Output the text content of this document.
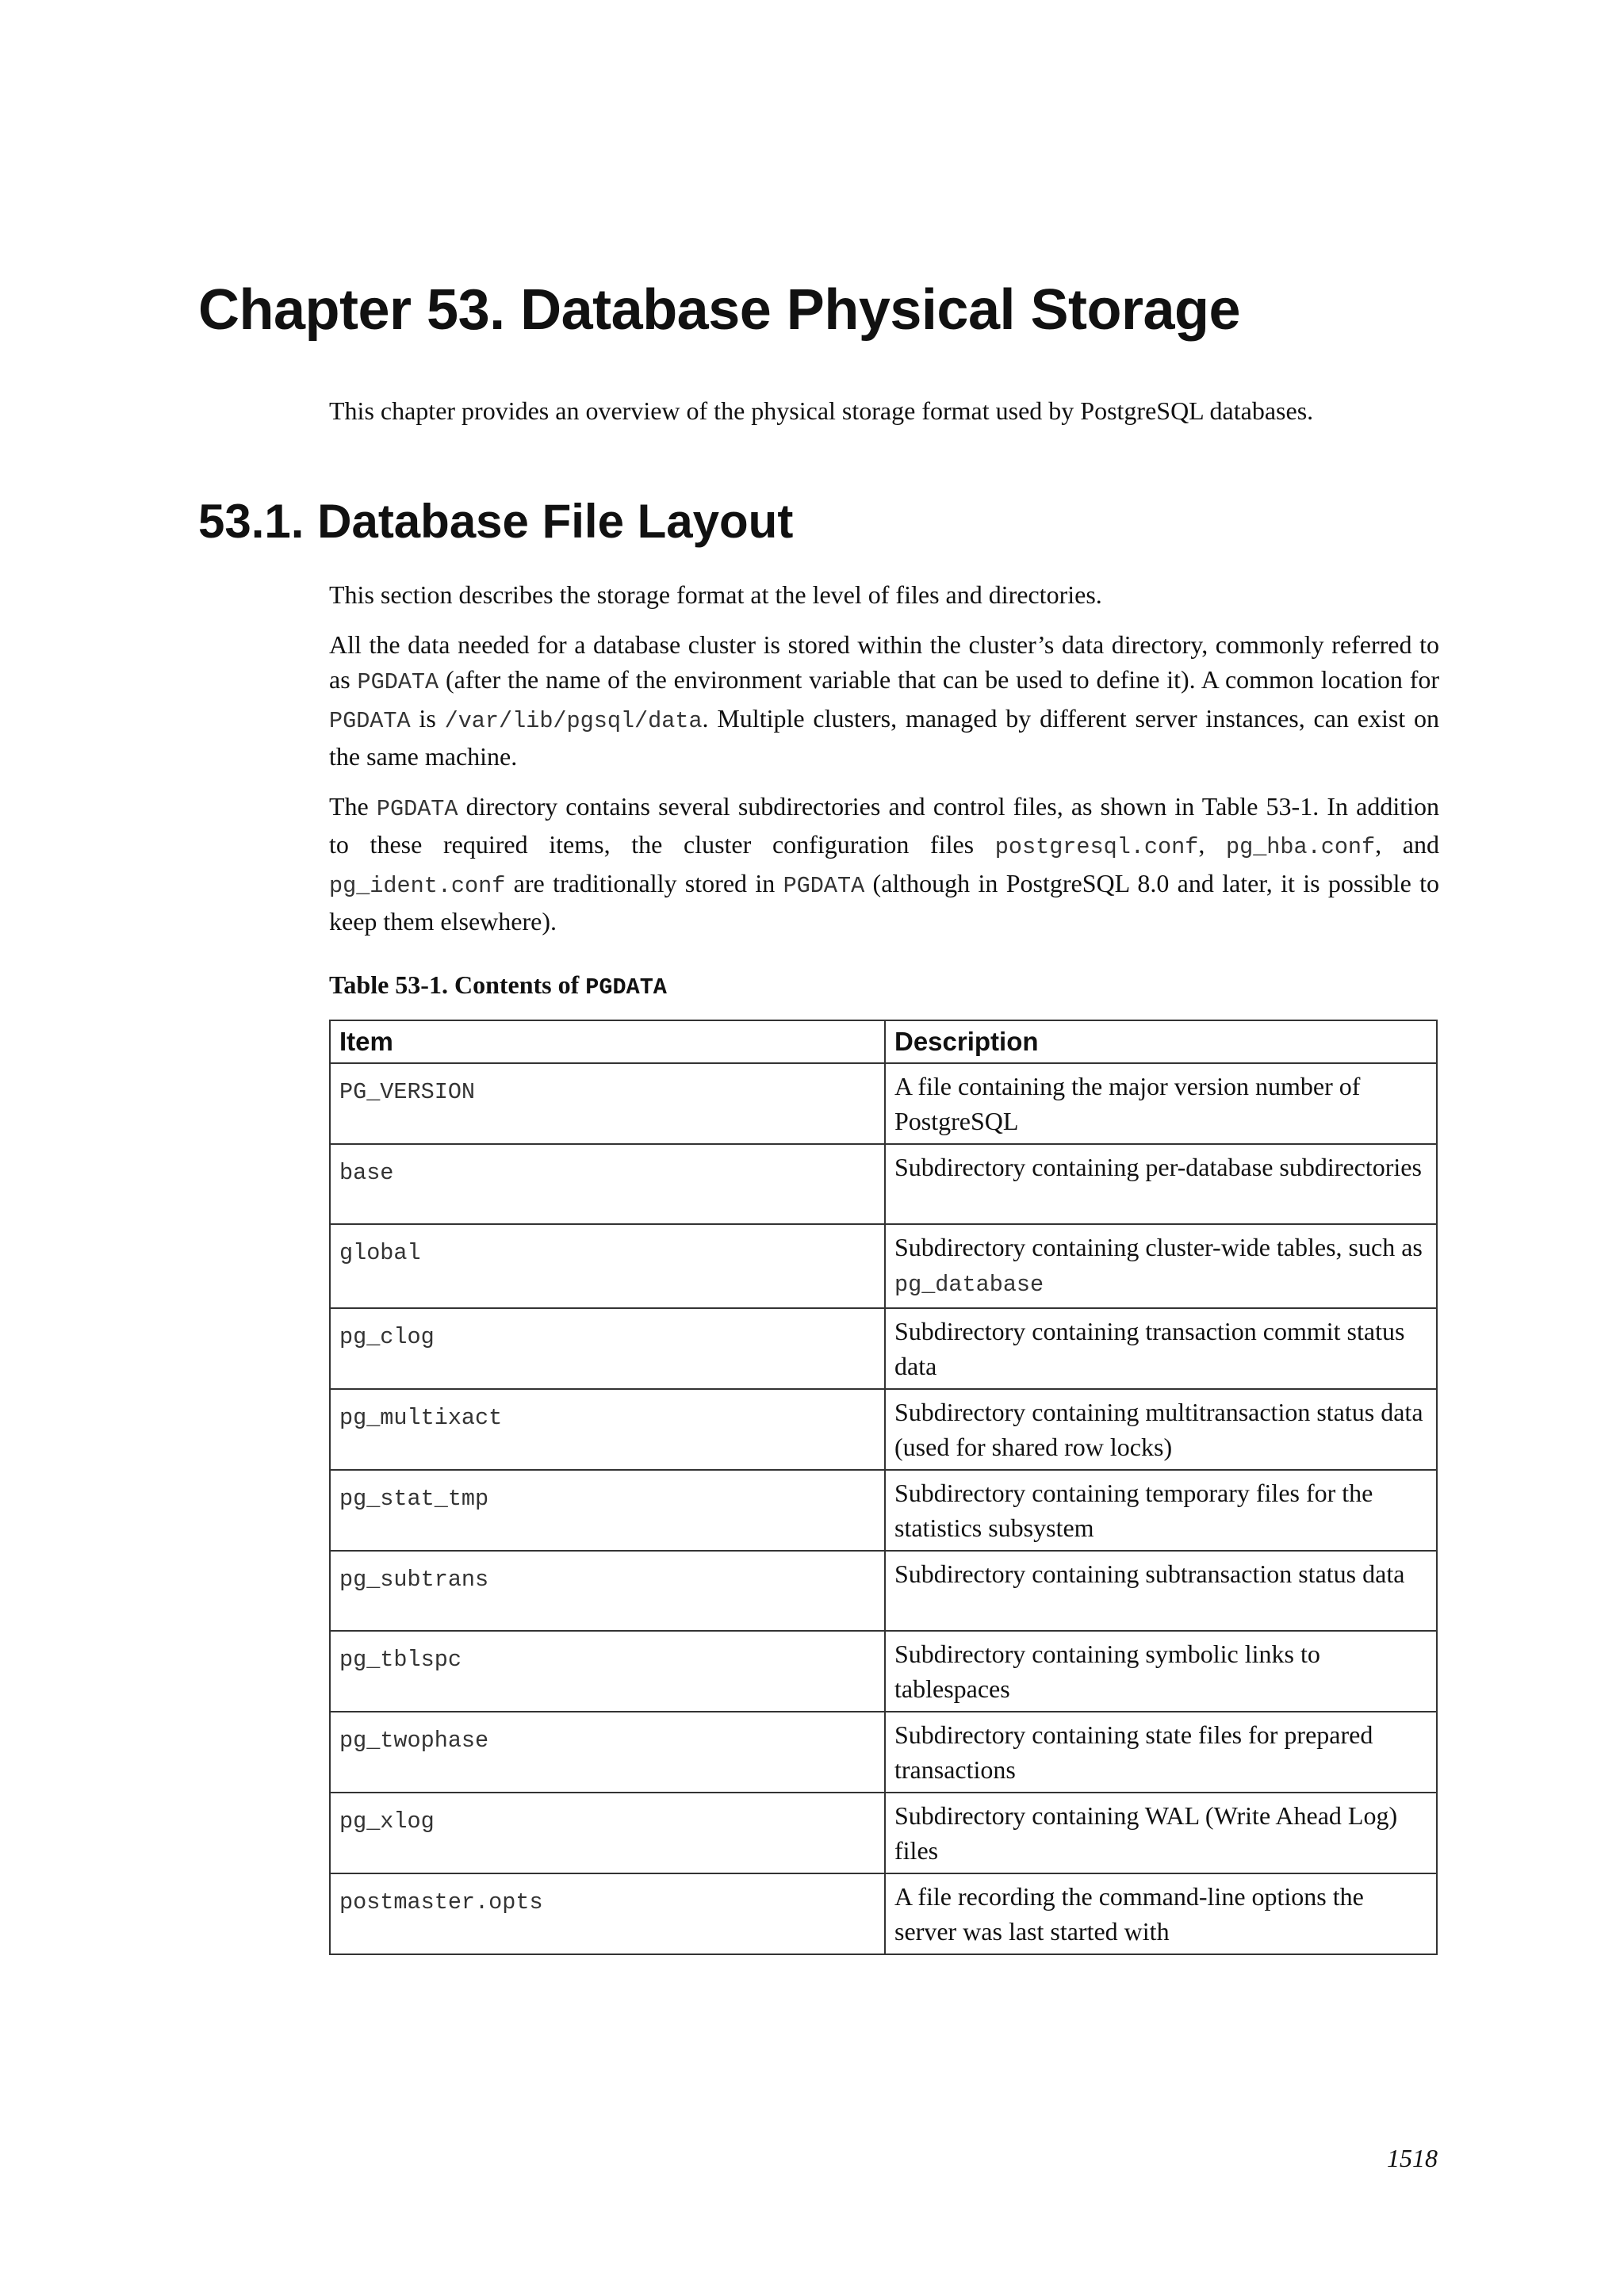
Chapter 53. Database Physical Storage

This chapter provides an overview of the physical storage format used by PostgreSQL databases.

53.1. Database File Layout

This section describes the storage format at the level of files and directories.

All the data needed for a database cluster is stored within the cluster’s data directory, commonly referred to as PGDATA (after the name of the environment variable that can be used to define it). A common location for PGDATA is /var/lib/pgsql/data. Multiple clusters, managed by different server instances, can exist on the same machine.

The PGDATA directory contains several subdirectories and control files, as shown in Table 53-1. In addition to these required items, the cluster configuration files postgresql.conf, pg_hba.conf, and pg_ident.conf are traditionally stored in PGDATA (although in PostgreSQL 8.0 and later, it is possible to keep them elsewhere).

Table 53-1. Contents of PGDATA
Item	Description
PG_VERSION	A file containing the major version number of PostgreSQL
base	Subdirectory containing per-database subdirectories
global	Subdirectory containing cluster-wide tables, such as pg_database
pg_clog	Subdirectory containing transaction commit status data
pg_multixact	Subdirectory containing multitransaction status data (used for shared row locks)
pg_stat_tmp	Subdirectory containing temporary files for the statistics subsystem
pg_subtrans	Subdirectory containing subtransaction status data
pg_tblspc	Subdirectory containing symbolic links to tablespaces
pg_twophase	Subdirectory containing state files for prepared transactions
pg_xlog	Subdirectory containing WAL (Write Ahead Log) files
postmaster.opts	A file recording the command-line options the server was last started with
1518
